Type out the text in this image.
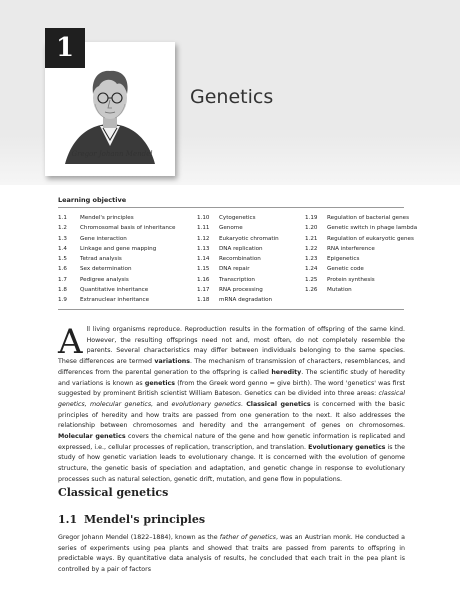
1
Gregor Johann Mendel
Genetics
Learning objective
1.1 Mendel's principles
1.2 Chromosomal basis of inheritance
1.3 Gene interaction
1.4 Linkage and gene mapping
1.5 Tetrad analysis
1.6 Sex determination
1.7 Pedigree analysis
1.8 Quantitative inheritance
1.9 Extranuclear inheritance
1.10 Cytogenetics
1.11 Genome
1.12 Eukaryotic chromatin
1.13 DNA replication
1.14 Recombination
1.15 DNA repair
1.16 Transcription
1.17 RNA processing
1.18 mRNA degradation
1.19 Regulation of bacterial genes
1.20 Genetic switch in phage lambda
1.21 Regulation of eukaryotic genes
1.22 RNA interference
1.23 Epigenetics
1.24 Genetic code
1.25 Protein synthesis
1.26 Mutation
All living organisms reproduce. Reproduction results in the formation of offspring of the same kind. However, the resulting offsprings need not and, most often, do not completely resemble the parents. Several characteristics may differ between individuals belonging to the same species. These differences are termed variations. The mechanism of transmission of characters, resemblances, and differences from the parental generation to the offspring is called heredity. The scientific study of heredity and variations is known as genetics (from the Greek word genno = give birth). The word 'genetics' was first suggested by prominent British scientist William Bateson. Genetics can be divided into three areas: classical genetics, molecular genetics, and evolutionary genetics. Classical genetics is concerned with the basic principles of heredity and how traits are passed from one generation to the next. It also addresses the relationship between chromosomes and heredity and the arrangement of genes on chromosomes. Molecular genetics covers the chemical nature of the gene and how genetic information is replicated and expressed, i.e., cellular processes of replication, transcription, and translation. Evolutionary genetics is the study of how genetic variation leads to evolutionary change. It is concerned with the evolution of genome structure, the genetic basis of speciation and adaptation, and genetic change in response to evolutionary processes such as natural selection, genetic drift, mutation, and gene flow in populations.
Classical genetics
1.1 Mendel's principles
Gregor Johann Mendel (1822–1884), known as the father of genetics, was an Austrian monk. He conducted a series of experiments using pea plants and showed that traits are passed from parents to offspring in predictable ways. By quantitative data analysis of results, he concluded that each trait in the pea plant is controlled by a pair of factors
